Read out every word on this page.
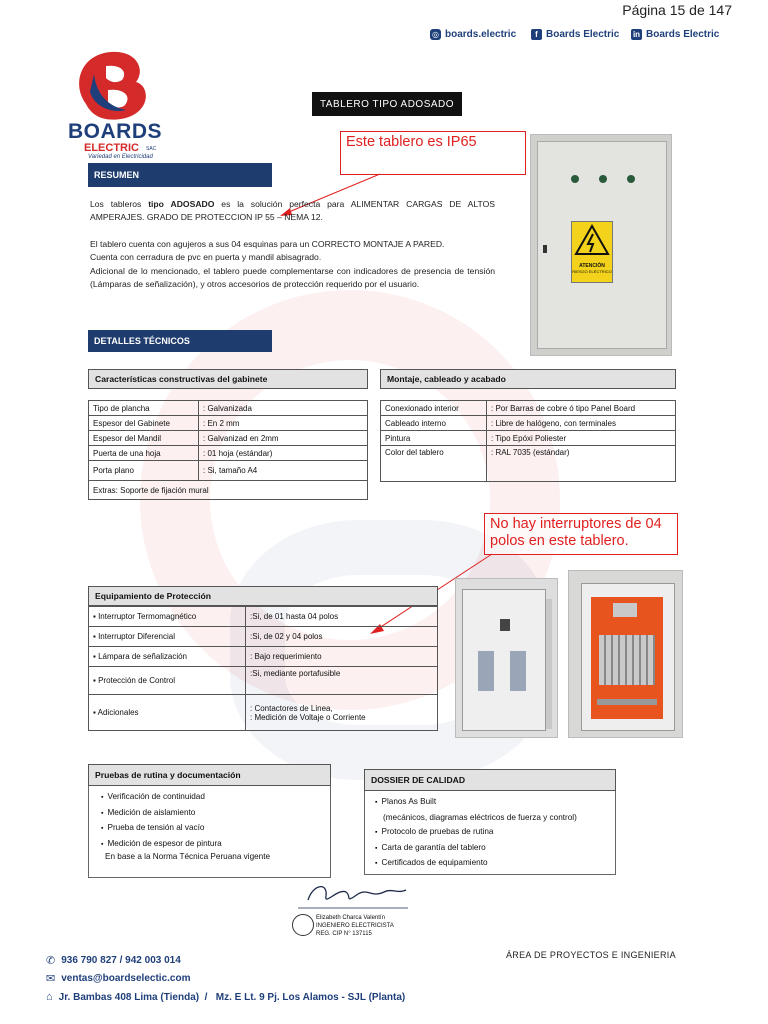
Página 15 de 147
◎ boards.electric	f Boards Electric in Boards Electric
BOARDS
ELECTRIC SAC
Variedad en Electricidad
TABLERO TIPO ADOSADO
Este tablero es IP65
RESUMEN
Los tableros tipo ADOSADO es la solución perfecta para ALIMENTAR CARGAS DE ALTOS AMPERAJES. GRADO DE PROTECCION IP 55 – NEMA 12.
El tablero cuenta con agujeros a sus 04 esquinas para un CORRECTO MONTAJE A PARED.
Cuenta con cerradura de pvc en puerta y mandil abisagrado.
Adicional de lo mencionado, el tablero puede complementarse con indicadores de presencia de tensión (Lámparas de señalización), y otros accesorios de protección requerido por el usuario.
ATENCIÓN
RIESGO ELÉCTRICO
DETALLES TÉCNICOS
Características constructivas del gabinete
Tipo de plancha	: Galvanizada
Espesor del Gabinete	: En 2 mm
Espesor del Mandil	: Galvanizad en 2mm
Puerta de una hoja	: 01 hoja (estándar)
Porta plano	: Si, tamaño A4
Extras: Soporte de fijación mural	
Montaje, cableado y acabado
Conexionado interior	: Por Barras de cobre ó tipo Panel Board
Cableado interno	: Libre de halógeno, con terminales
Pintura	: Tipo Epóxi Poliester
Color del tablero	: RAL 7035 (estándar)
No hay interruptores de 04 polos en este tablero.
Equipamiento de Protección
▪ Interruptor Termomagnético	:Si, de 01 hasta 04 polos
▪ Interruptor Diferencial	:Si, de 02 y 04 polos
▪ Lámpara de señalización	: Bajo requerimiento
▪ Protección de Control	:Si, mediante portafusible
▪ Adicionales	: Contactores de Linea,
: Medición de Voltaje o Corriente
Pruebas de rutina y documentación
▪ Verificación de continuidad
▪ Medición de aislamiento
▪ Prueba de tensión al vacío
▪ Medición de espesor de pintura
En base a la Norma Técnica Peruana vigente
DOSSIER DE CALIDAD
▪ Planos As Built
(mecánicos, diagramas eléctricos de fuerza y control)
▪ Protocolo de pruebas de rutina
▪ Carta de garantía del tablero
▪ Certificados de equipamiento
Elizabeth Charca Valentín
INGENIERO ELECTRICISTA
REG. CIP N° 137115
ÁREA DE PROYECTOS E INGENIERIA
✆ 936 790 827 / 942 003 014
✉ ventas@boardselectic.com
⌂ Jr. Bambas 408 Lima (Tienda)  /   Mz. E Lt. 9 Pj. Los Alamos - SJL (Planta)
